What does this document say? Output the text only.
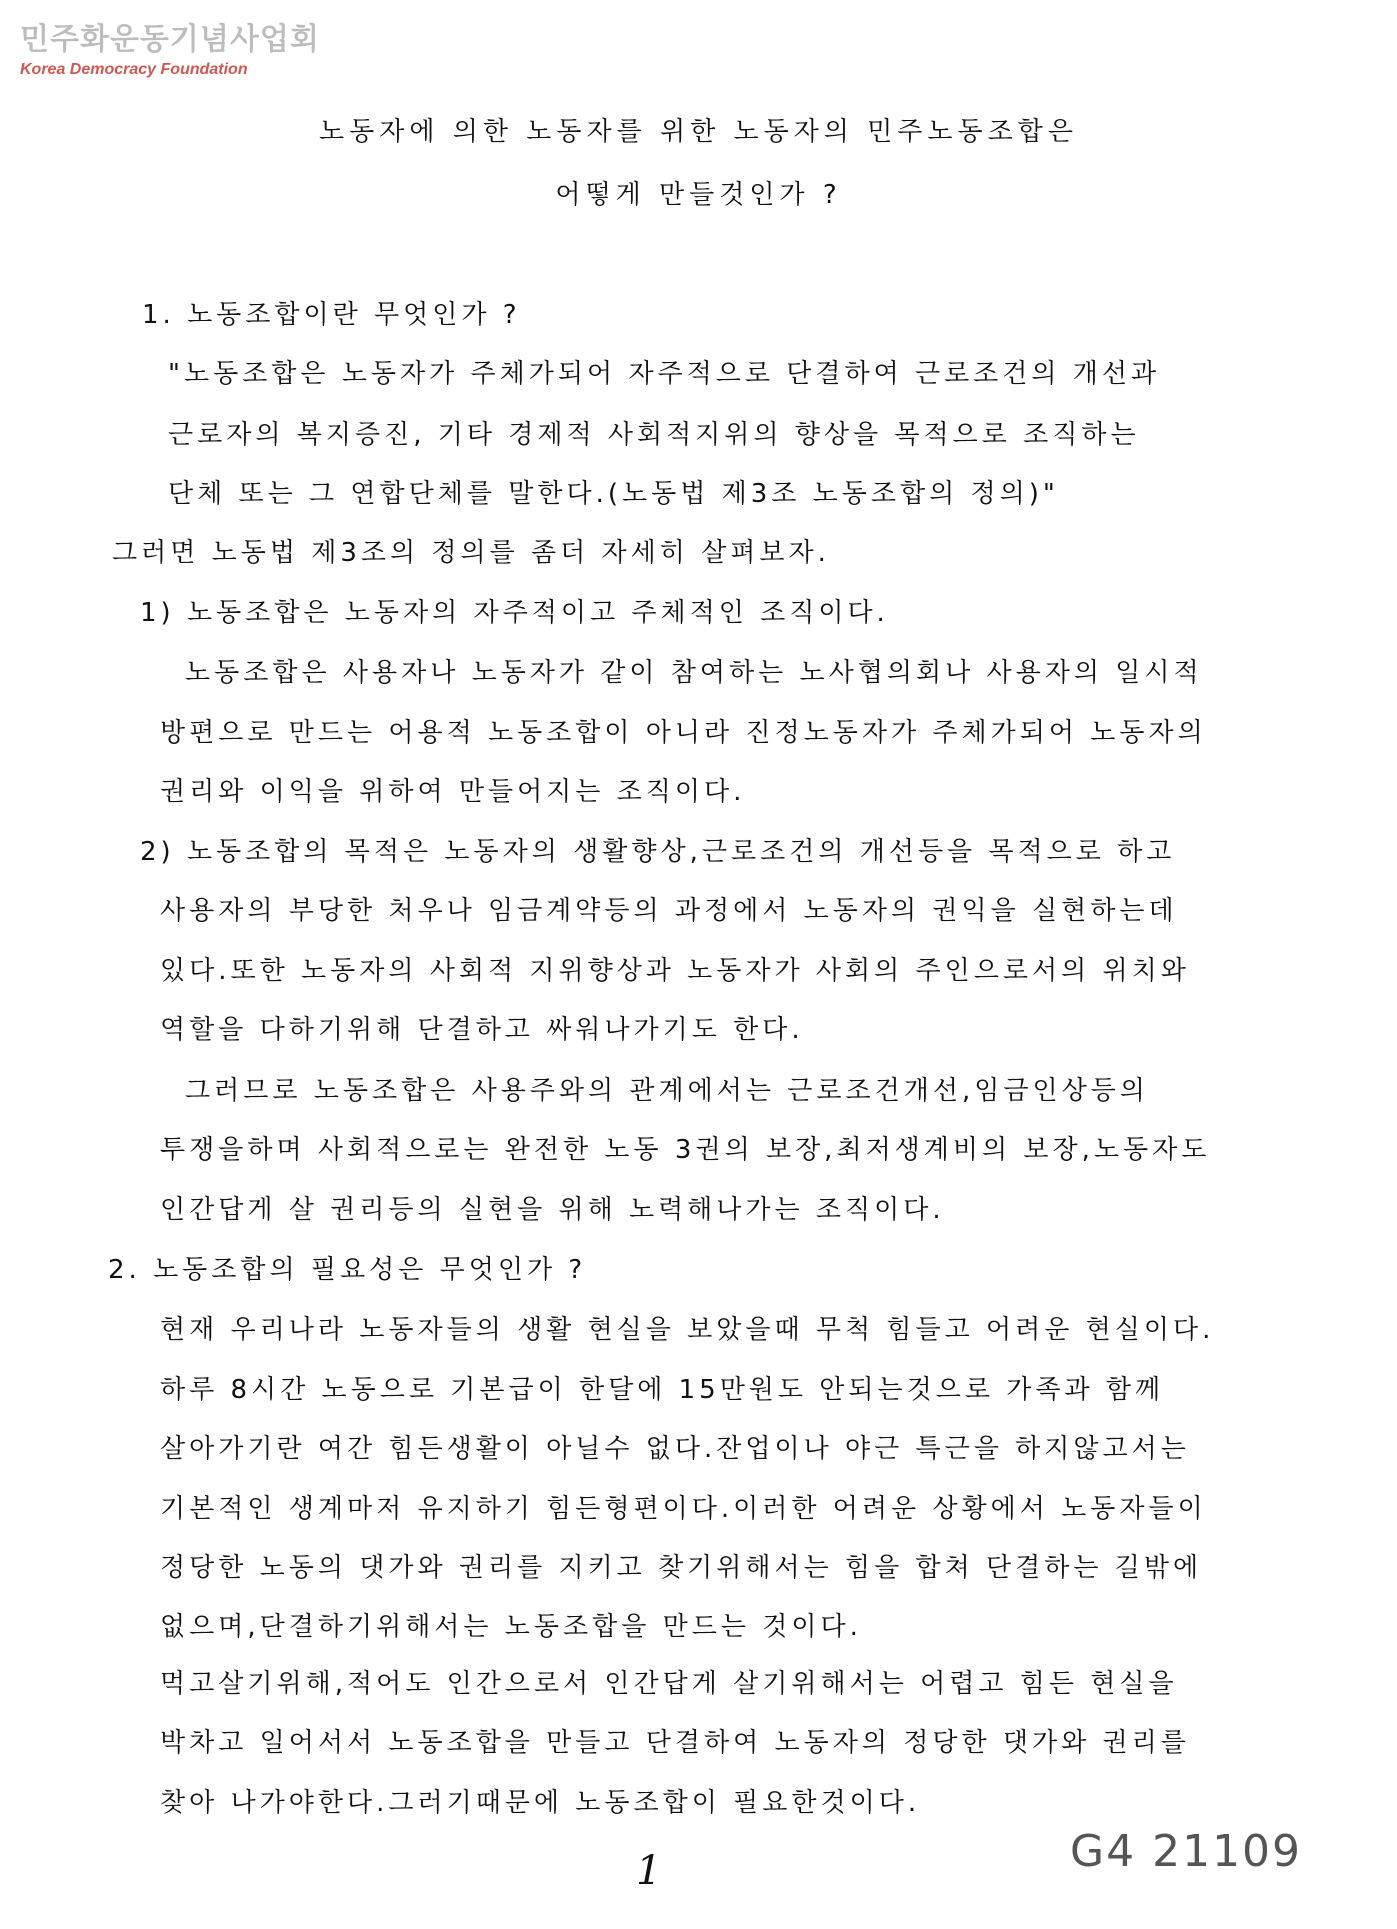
민주화운동기념사업회
Korea Democracy Foundation
노동자에 의한 노동자를 위한 노동자의 민주노동조합은
어떻게 만들것인가 ?
1. 노동조합이란 무엇인가 ?
"노동조합은 노동자가 주체가되어 자주적으로 단결하여 근로조건의 개선과
근로자의 복지증진, 기타 경제적 사회적지위의 향상을 목적으로 조직하는
단체 또는 그 연합단체를 말한다.(노동법 제3조 노동조합의 정의)"
그러면 노동법 제3조의 정의를 좀더 자세히 살펴보자.
1) 노동조합은 노동자의 자주적이고 주체적인 조직이다.
노동조합은 사용자나 노동자가 같이 참여하는 노사협의회나 사용자의 일시적
방편으로 만드는 어용적 노동조합이 아니라 진정노동자가 주체가되어 노동자의
권리와 이익을 위하여 만들어지는 조직이다.
2) 노동조합의 목적은 노동자의 생활향상,근로조건의 개선등을 목적으로 하고
사용자의 부당한 처우나 임금계약등의 과정에서 노동자의 권익을 실현하는데
있다.또한 노동자의 사회적 지위향상과 노동자가 사회의 주인으로서의 위치와
역할을 다하기위해 단결하고 싸워나가기도 한다.
그러므로 노동조합은 사용주와의 관계에서는 근로조건개선,임금인상등의
투쟁을하며 사회적으로는 완전한 노동 3권의 보장,최저생계비의 보장,노동자도
인간답게 살 권리등의 실현을 위해 노력해나가는 조직이다.
2. 노동조합의 필요성은 무엇인가 ?
현재 우리나라 노동자들의 생활 현실을 보았을때 무척 힘들고 어려운 현실이다.
하루 8시간 노동으로 기본급이 한달에 15만원도 안되는것으로 가족과 함께
살아가기란 여간 힘든생활이 아닐수 없다.잔업이나 야근 특근을 하지않고서는
기본적인 생계마저 유지하기 힘든형편이다.이러한 어려운 상황에서 노동자들이
정당한 노동의 댓가와 권리를 지키고 찾기위해서는 힘을 합쳐 단결하는 길밖에
없으며,단결하기위해서는 노동조합을 만드는 것이다.
먹고살기위해,적어도 인간으로서 인간답게 살기위해서는 어렵고 힘든 현실을
박차고 일어서서 노동조합을 만들고 단결하여 노동자의 정당한 댓가와 권리를
찾아 나가야한다.그러기때문에 노동조합이 필요한것이다.
1	G4 21109
